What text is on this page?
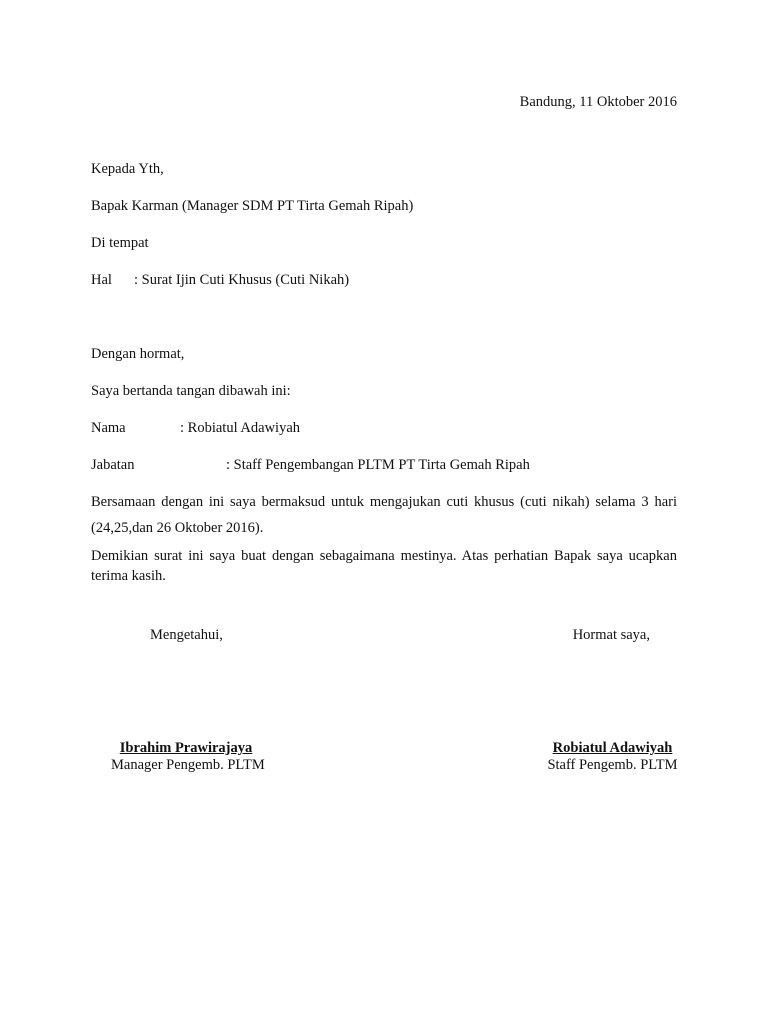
Bandung, 11 Oktober 2016
Kepada Yth,
Bapak Karman (Manager SDM PT Tirta Gemah Ripah)
Di tempat
Hal : Surat Ijin Cuti Khusus (Cuti Nikah)
Dengan hormat,
Saya bertanda tangan dibawah ini:
Nama	: Robiatul Adawiyah
Jabatan	: Staff Pengembangan PLTM PT Tirta Gemah Ripah
Bersamaan dengan ini saya bermaksud untuk mengajukan cuti khusus (cuti nikah) selama 3 hari (24,25,dan 26 Oktober 2016).
Demikian surat ini saya buat dengan sebagaimana mestinya. Atas perhatian Bapak saya ucapkan terima kasih.
Mengetahui,	Hormat saya,
Ibrahim Prawirajaya
Manager Pengemb. PLTM
Robiatul Adawiyah
Staff Pengemb. PLTM
